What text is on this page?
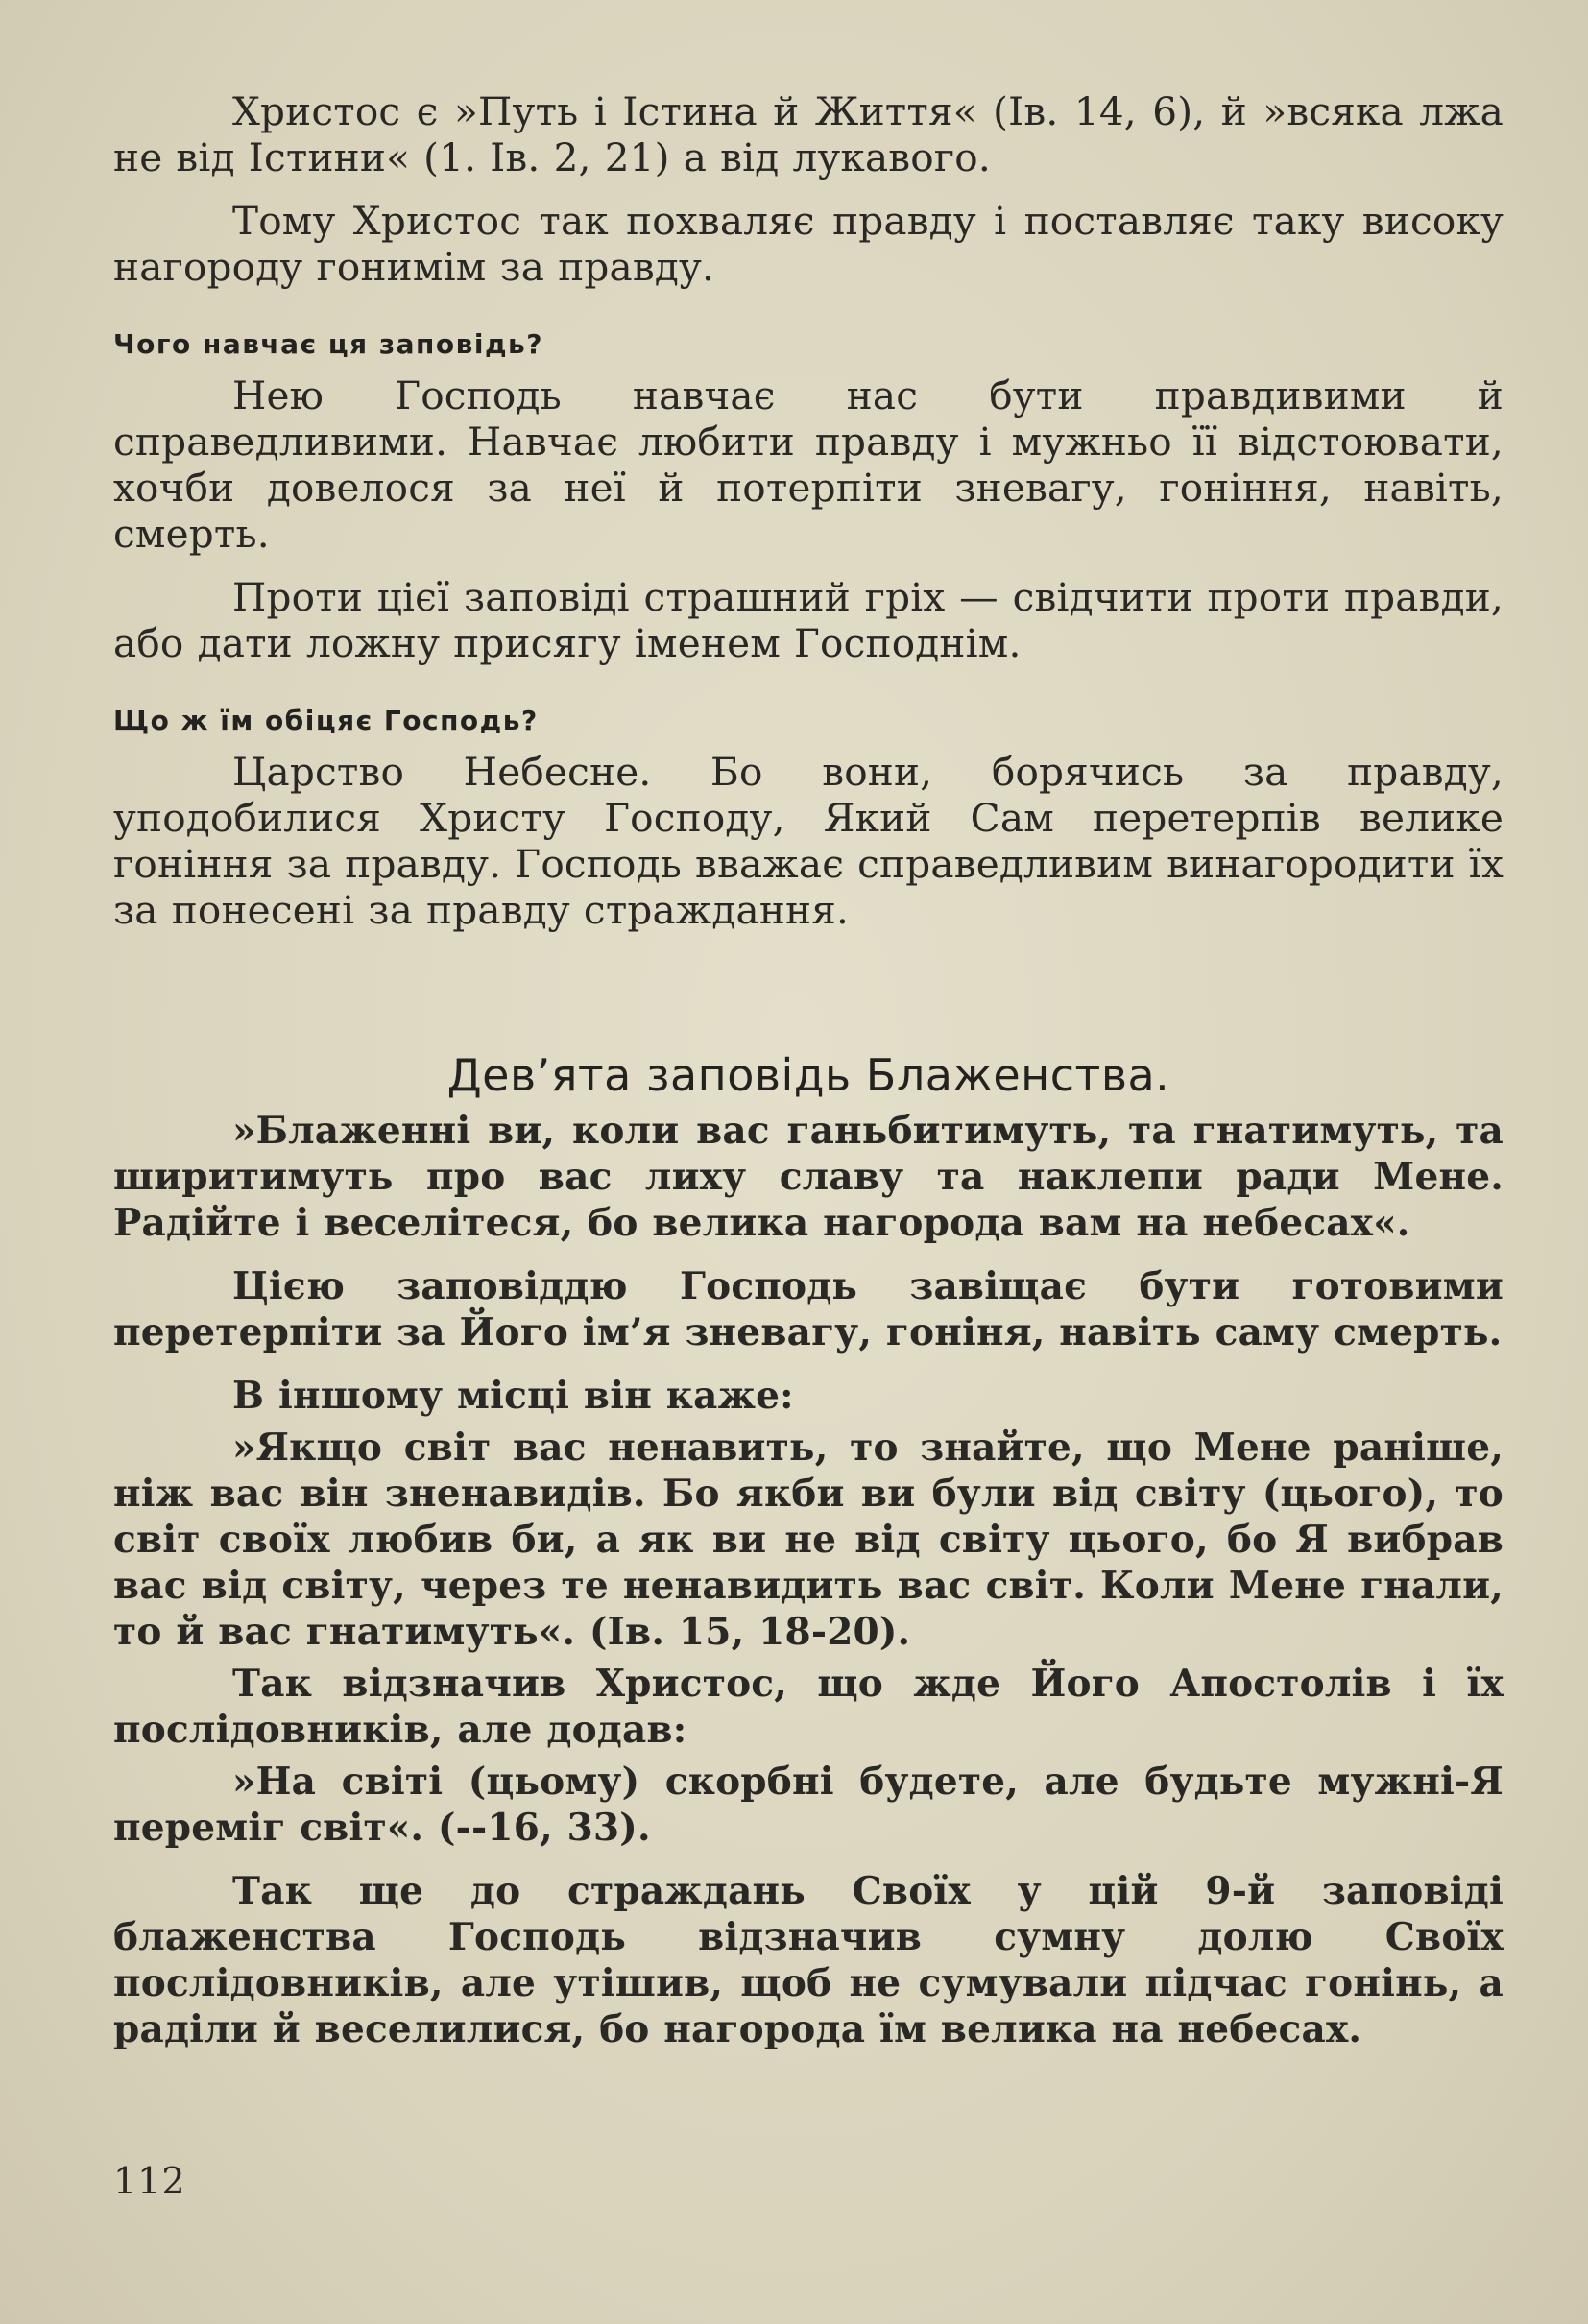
Христос є »Путь і Істина й Життя« (Ів. 14, 6), й »всяка лжа не від Істини« (1. Ів. 2, 21) а від лукавого.

Тому Христос так похваляє правду і поставляє таку високу нагороду гонимім за правду.

Чого навчає ця заповідь?

Нею Господь навчає нас бути правдивими й справедливими. Навчає любити правду і мужньо її відстоювати, хочби довелося за неї й потерпіти зневагу, гоніння, навіть, смерть.

Проти цієї заповіді страшний гріх — свідчити проти правди, або дати ложну присягу іменем Господнім.

Що ж їм обіцяє Господь?

Царство Небесне. Бо вони, борячись за правду, уподобилися Христу Господу, Який Сам перетерпів велике гоніння за правду. Господь вважає справедливим винагородити їх за понесені за правду страждання.

Дев’ята заповідь Блаженства.

»Блаженні ви, коли вас ганьбитимуть, та гнатимуть, та ширитимуть про вас лиху славу та наклепи ради Мене. Радійте і веселітеся, бо велика нагорода вам на небесах«.

Цією заповіддю Господь завіщає бути готовими перетерпіти за Його ім’я зневагу, гоніня, навіть саму смерть.

В іншому місці він каже:

»Якщо світ вас ненавить, то знайте, що Мене раніше, ніж вас він зненавидів. Бо якби ви були від світу (цього), то світ своїх любив би, а як ви не від світу цього, бо Я вибрав вас від світу, через те ненавидить вас світ. Коли Мене гнали, то й вас гнатимуть«. (Ів. 15, 18-20).

Так відзначив Христос, що жде Його Апостолів і їх послідовників, але додав:

»На світі (цьому) скорбні будете, але будьте мужні-Я переміг світ«. (--16, 33).

Так ще до страждань Своїх у цій 9-й заповіді блаженства Господь відзначив сумну долю Своїх послідовників, але утішив, щоб не сумували підчас гонінь, а раділи й веселилися, бо нагорода їм велика на небесах.

112
